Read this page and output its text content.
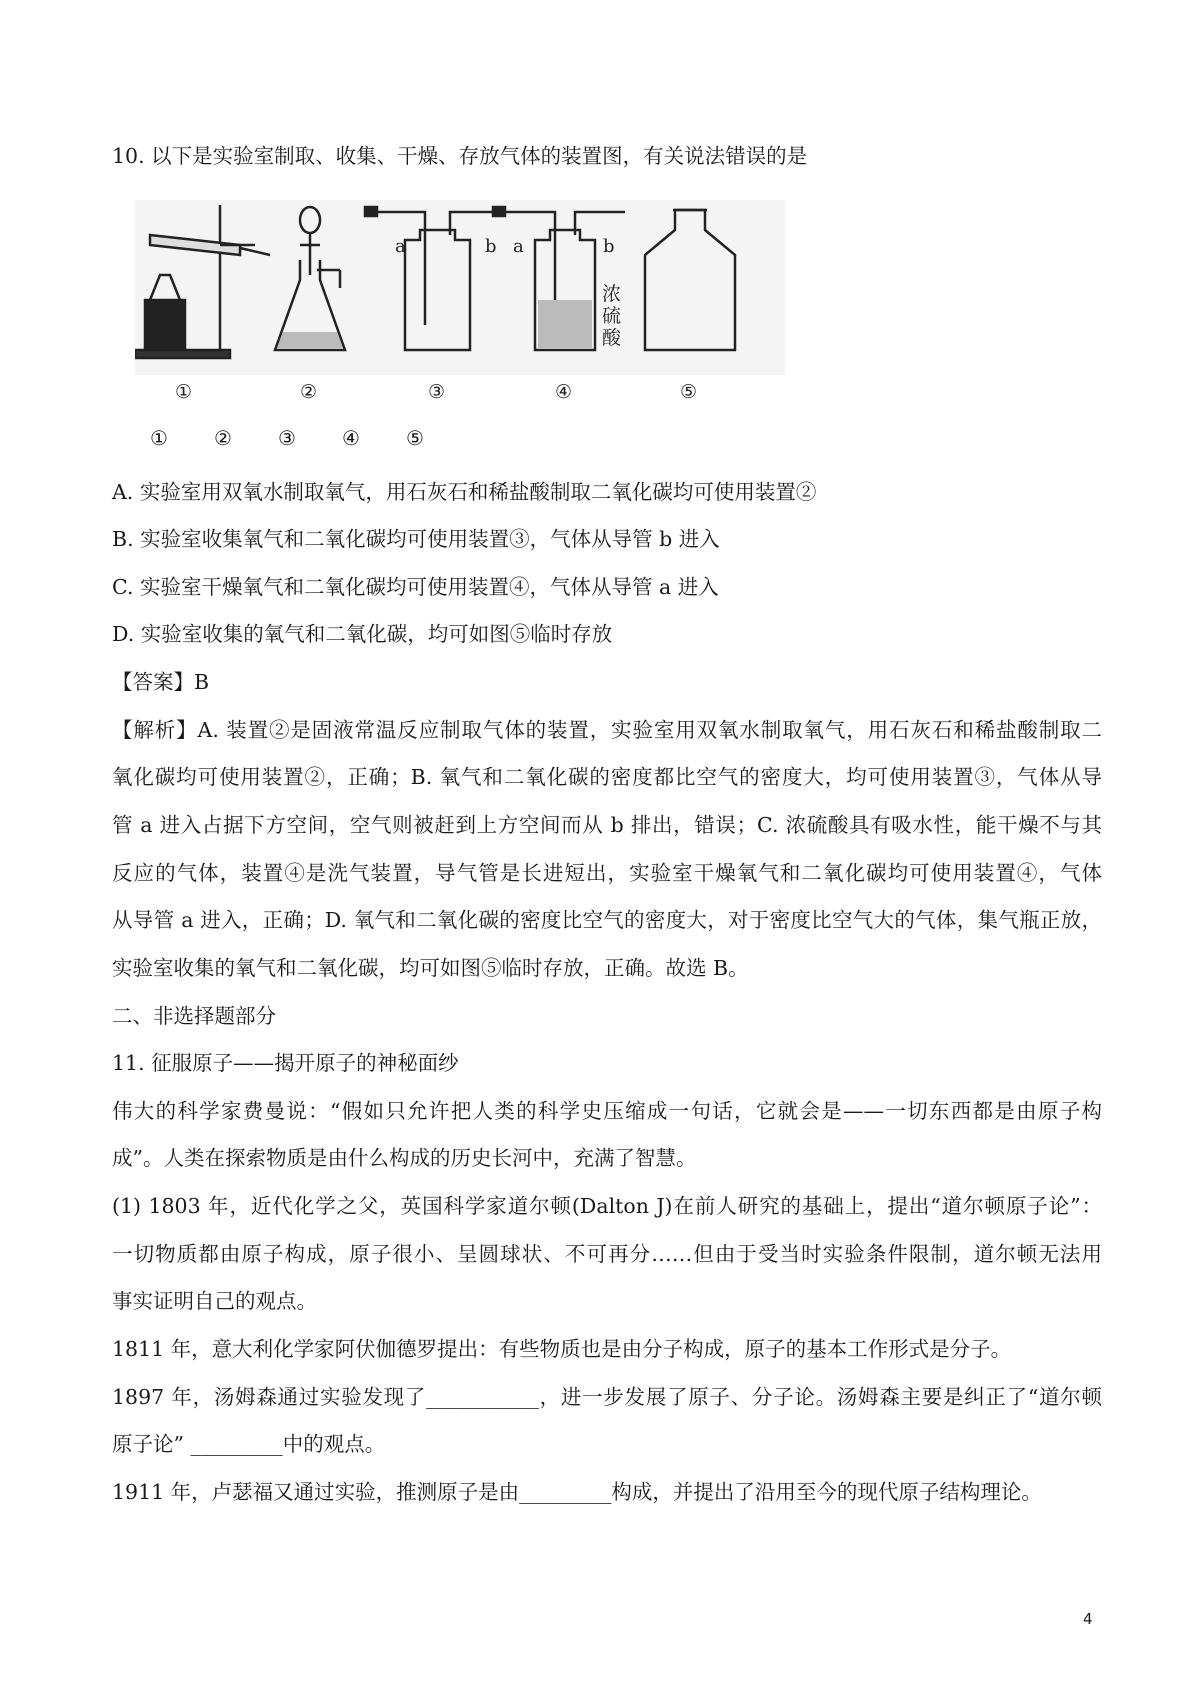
10. 以下是实验室制取、收集、干燥、存放气体的装置图，有关说法错误的是
a	b a	b
浓
硫
酸
①	②	③	④	⑤
① ② ③ ④ ⑤
A. 实验室用双氧水制取氧气，用石灰石和稀盐酸制取二氧化碳均可使用装置②
B. 实验室收集氧气和二氧化碳均可使用装置③，气体从导管 b 进入
C. 实验室干燥氧气和二氧化碳均可使用装置④，气体从导管 a 进入
D. 实验室收集的氧气和二氧化碳，均可如图⑤临时存放
【答案】B
【解析】A. 装置②是固液常温反应制取气体的装置，实验室用双氧水制取氧气，用石灰石和稀盐酸制取二
氧化碳均可使用装置②，正确；B. 氧气和二氧化碳的密度都比空气的密度大，均可使用装置③，气体从导
管 a 进入占据下方空间，空气则被赶到上方空间而从 b 排出，错误；C. 浓硫酸具有吸水性，能干燥不与其
反应的气体，装置④是洗气装置，导气管是长进短出，实验室干燥氧气和二氧化碳均可使用装置④，气体
从导管 a 进入，正确；D. 氧气和二氧化碳的密度比空气的密度大，对于密度比空气大的气体，集气瓶正放，
实验室收集的氧气和二氧化碳，均可如图⑤临时存放，正确。故选 B。
二、非选择题部分
11. 征服原子——揭开原子的神秘面纱
伟大的科学家费曼说：“假如只允许把人类的科学史压缩成一句话，它就会是——一切东西都是由原子构
成”。人类在探索物质是由什么构成的历史长河中，充满了智慧。
(1) 1803 年，近代化学之父，英国科学家道尔顿(Dalton J)在前人研究的基础上，提出“道尔顿原子论”：
一切物质都由原子构成，原子很小、呈圆球状、不可再分……但由于受当时实验条件限制，道尔顿无法用
事实证明自己的观点。
1811 年，意大利化学家阿伏伽德罗提出：有些物质也是由分子构成，原子的基本工作形式是分子。
1897 年，汤姆森通过实验发现了___________，进一步发展了原子、分子论。汤姆森主要是纠正了“道尔顿
原子论” _________中的观点。
1911 年，卢瑟福又通过实验，推测原子是由_________构成，并提出了沿用至今的现代原子结构理论。
4
